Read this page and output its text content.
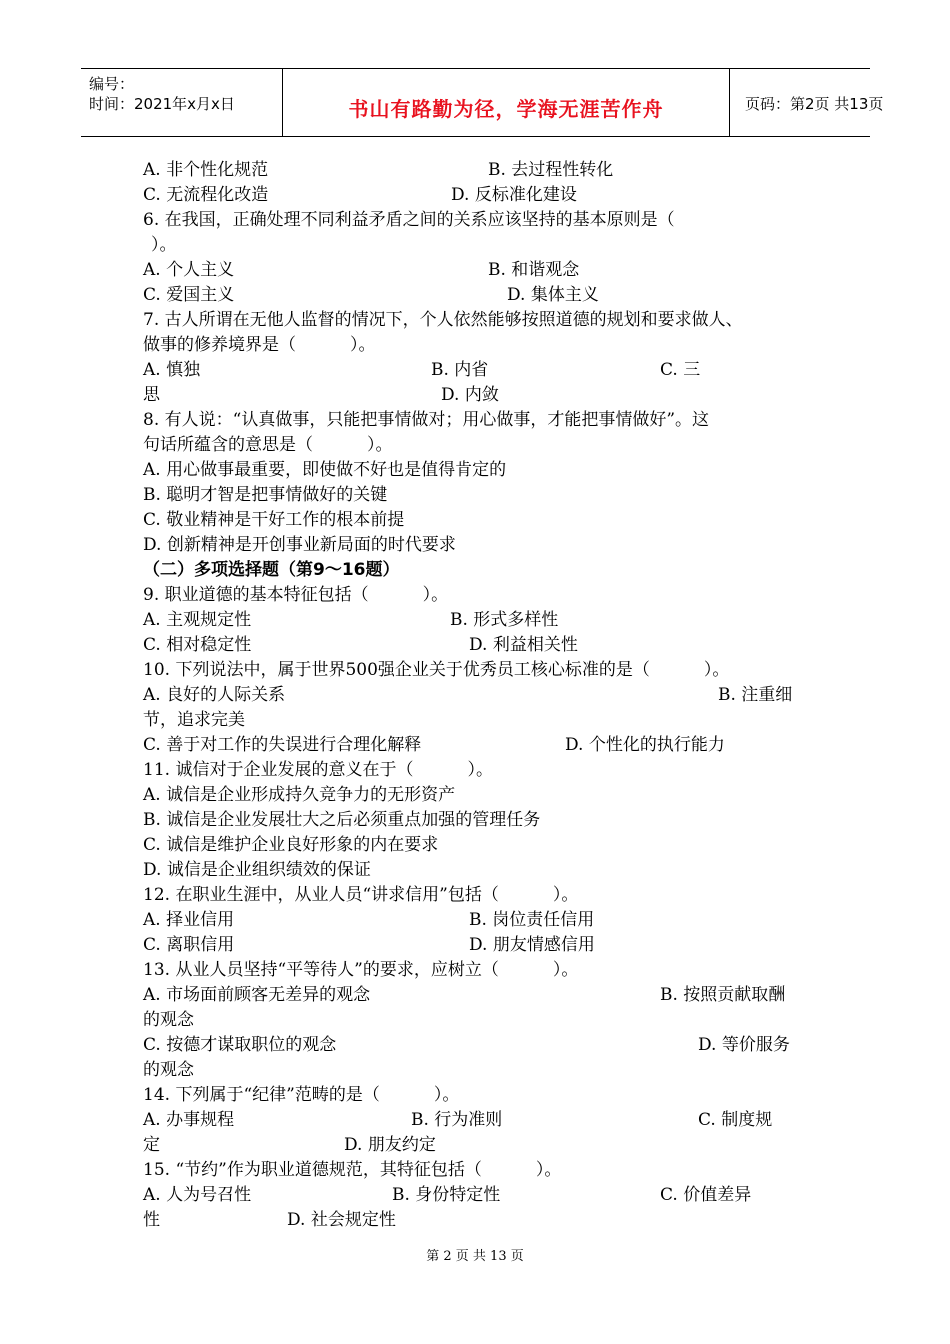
编号：
时间：2021年x月x日	书山有路勤为径，学海无涯苦作舟	页码：第2页 共13页
A. 非个性化规范	B. 去过程性转化
C. 无流程化改造	D. 反标准化建设
6. 在我国，正确处理不同利益矛盾之间的关系应该坚持的基本原则是（
）。
A. 个人主义	B. 和谐观念
C. 爱国主义	D. 集体主义
7. 古人所谓在无他人监督的情况下，个人依然能够按照道德的规划和要求做人、
做事的修养境界是（          ）。
A. 慎独	B. 内省	C. 三
思	D. 内敛
8. 有人说：“认真做事，只能把事情做对；用心做事，才能把事情做好”。这
句话所蕴含的意思是（          ）。
A. 用心做事最重要，即使做不好也是值得肯定的
B. 聪明才智是把事情做好的关键
C. 敬业精神是干好工作的根本前提
D. 创新精神是开创事业新局面的时代要求
（二）多项选择题（第9～16题）
9. 职业道德的基本特征包括（          ）。
A. 主观规定性	B. 形式多样性
C. 相对稳定性	D. 利益相关性
10. 下列说法中，属于世界500强企业关于优秀员工核心标准的是（          ）。
A. 良好的人际关系	B. 注重细
节，追求完美
C. 善于对工作的失误进行合理化解释	D. 个性化的执行能力
11. 诚信对于企业发展的意义在于（          ）。
A. 诚信是企业形成持久竞争力的无形资产
B. 诚信是企业发展壮大之后必须重点加强的管理任务
C. 诚信是维护企业良好形象的内在要求
D. 诚信是企业组织绩效的保证
12. 在职业生涯中，从业人员“讲求信用”包括（          ）。
A. 择业信用	B. 岗位责任信用
C. 离职信用	D. 朋友情感信用
13. 从业人员坚持“平等待人”的要求，应树立（          ）。
A. 市场面前顾客无差异的观念	B. 按照贡献取酬
的观念
C. 按德才谋取职位的观念	D. 等价服务
的观念
14. 下列属于“纪律”范畴的是（          ）。
A. 办事规程	B. 行为准则	C. 制度规
定	D. 朋友约定
15. “节约”作为职业道德规范，其特征包括（          ）。
A. 人为号召性	B. 身份特定性	C. 价值差异
性	D. 社会规定性
第 2 页 共 13 页
